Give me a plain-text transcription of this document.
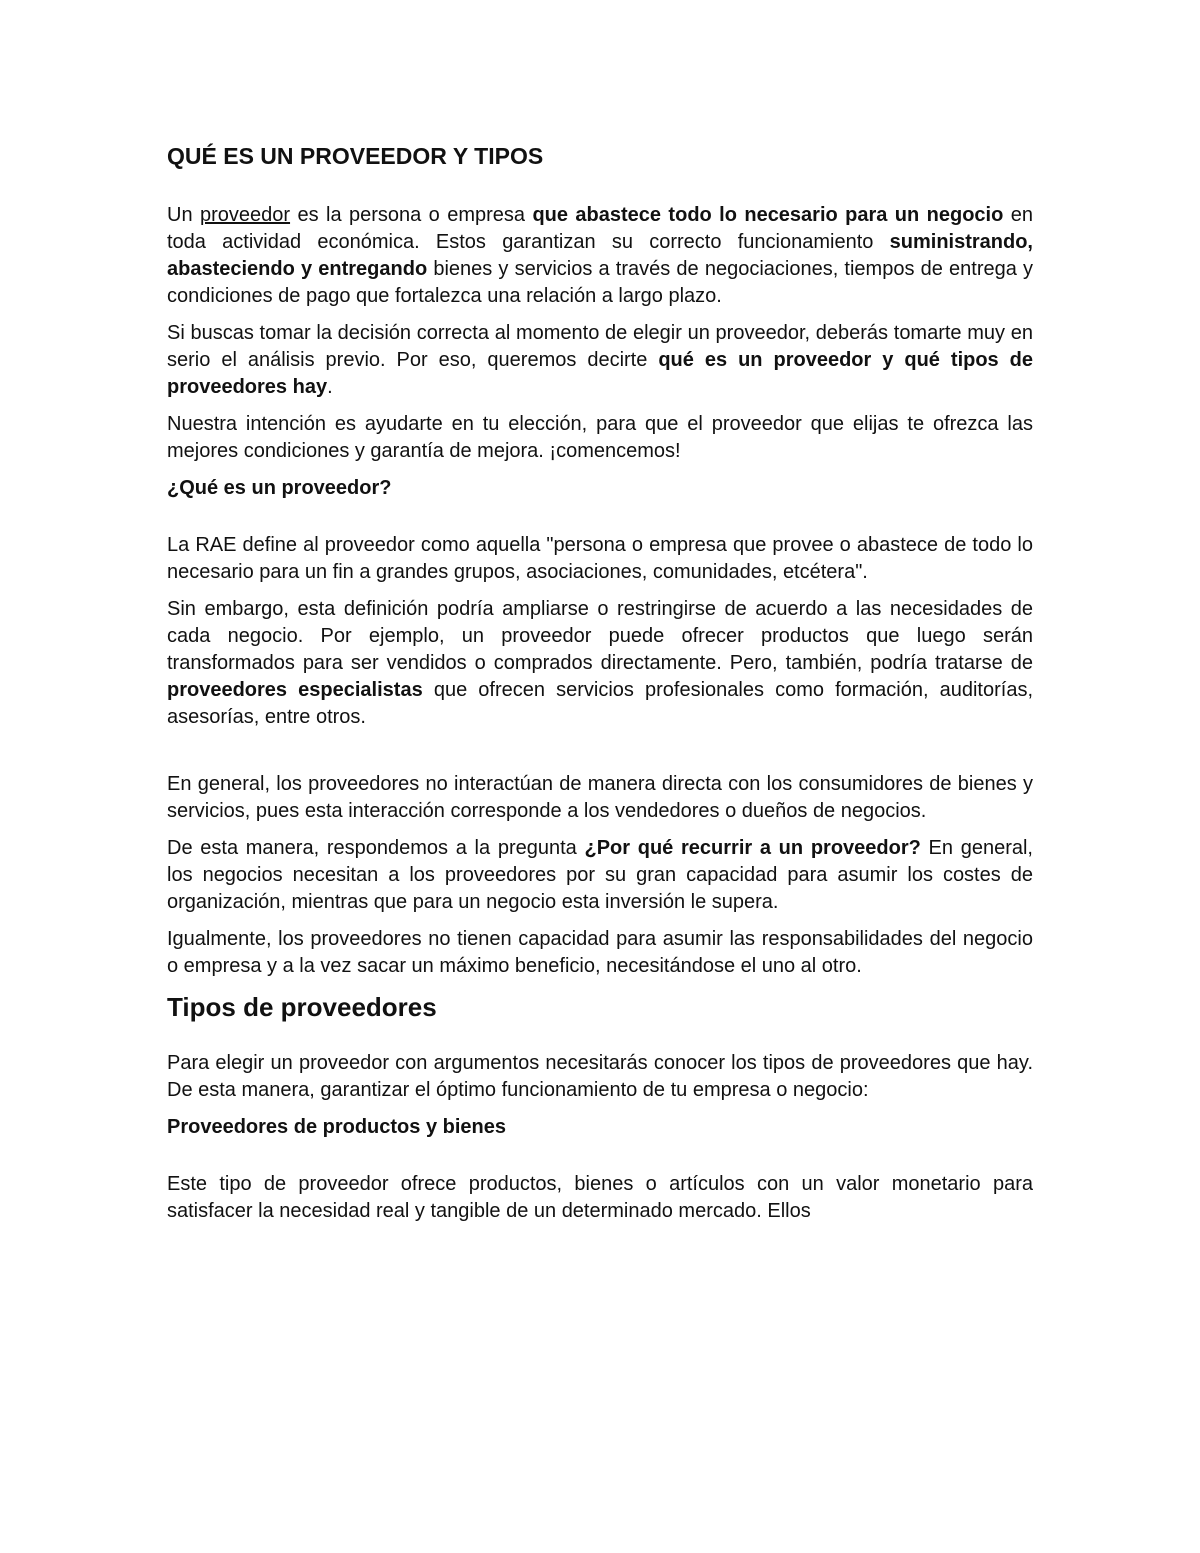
QUÉ ES UN PROVEEDOR Y TIPOS

Un proveedor es la persona o empresa que abastece todo lo necesario para un negocio en toda actividad económica. Estos garantizan su correcto funcionamiento suministrando, abasteciendo y entregando bienes y servicios a través de negociaciones, tiempos de entrega y condiciones de pago que fortalezca una relación a largo plazo.

Si buscas tomar la decisión correcta al momento de elegir un proveedor, deberás tomarte muy en serio el análisis previo. Por eso, queremos decirte qué es un proveedor y qué tipos de proveedores hay.

Nuestra intención es ayudarte en tu elección, para que el proveedor que elijas te ofrezca las mejores condiciones y garantía de mejora. ¡comencemos!

¿Qué es un proveedor?

La RAE define al proveedor como aquella "persona o empresa que provee o abastece de todo lo necesario para un fin a grandes grupos, asociaciones, comunidades, etcétera".

Sin embargo, esta definición podría ampliarse o restringirse de acuerdo a las necesidades de cada negocio. Por ejemplo, un proveedor puede ofrecer productos que luego serán transformados para ser vendidos o comprados directamente. Pero, también, podría tratarse de proveedores especialistas que ofrecen servicios profesionales como formación, auditorías, asesorías, entre otros.

En general, los proveedores no interactúan de manera directa con los consumidores de bienes y servicios, pues esta interacción corresponde a los vendedores o dueños de negocios.

De esta manera, respondemos a la pregunta ¿Por qué recurrir a un proveedor? En general, los negocios necesitan a los proveedores por su gran capacidad para asumir los costes de organización, mientras que para un negocio esta inversión le supera.

Igualmente, los proveedores no tienen capacidad para asumir las responsabilidades del negocio o empresa y a la vez sacar un máximo beneficio, necesitándose el uno al otro.

Tipos de proveedores

Para elegir un proveedor con argumentos necesitarás conocer los tipos de proveedores que hay. De esta manera, garantizar el óptimo funcionamiento de tu empresa o negocio:

Proveedores de productos y bienes

Este tipo de proveedor ofrece productos, bienes o artículos con un valor monetario para satisfacer la necesidad real y tangible de un determinado mercado. Ellos
